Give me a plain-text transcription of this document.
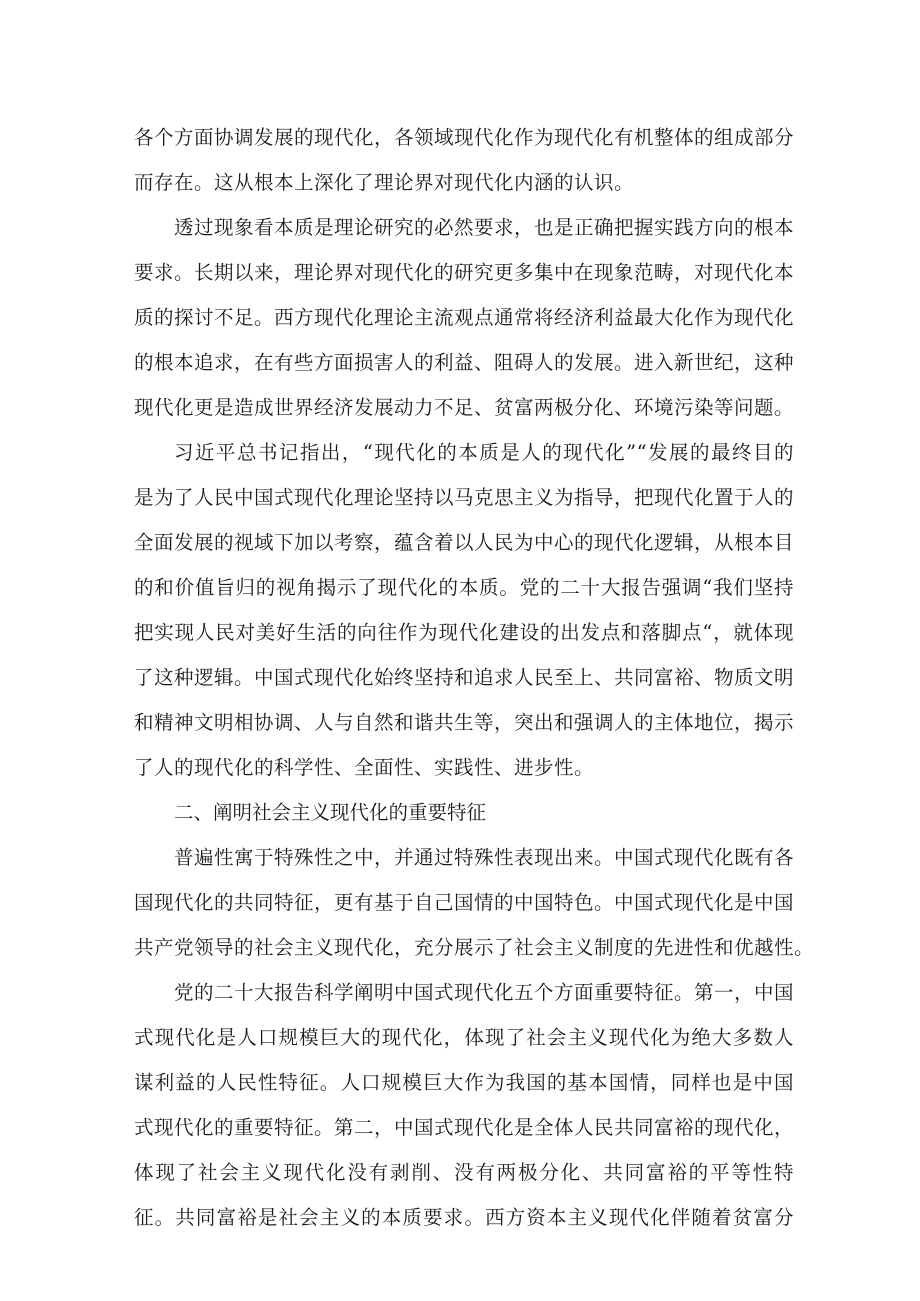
各个方面协调发展的现代化，各领域现代化作为现代化有机整体的组成部分
而存在。这从根本上深化了理论界对现代化内涵的认识。
透过现象看本质是理论研究的必然要求，也是正确把握实践方向的根本
要求。长期以来，理论界对现代化的研究更多集中在现象范畴，对现代化本
质的探讨不足。西方现代化理论主流观点通常将经济利益最大化作为现代化
的根本追求，在有些方面损害人的利益、阻碍人的发展。进入新世纪，这种
现代化更是造成世界经济发展动力不足、贫富两极分化、环境污染等问题。
习近平总书记指出，“现代化的本质是人的现代化”“发展的最终目的
是为了人民中国式现代化理论坚持以马克思主义为指导，把现代化置于人的
全面发展的视域下加以考察，蕴含着以人民为中心的现代化逻辑，从根本目
的和价值旨归的视角揭示了现代化的本质。党的二十大报告强调“我们坚持
把实现人民对美好生活的向往作为现代化建设的出发点和落脚点“，就体现
了这种逻辑。中国式现代化始终坚持和追求人民至上、共同富裕、物质文明
和精神文明相协调、人与自然和谐共生等，突出和强调人的主体地位，揭示
了人的现代化的科学性、全面性、实践性、进步性。
二、阐明社会主义现代化的重要特征
普遍性寓于特殊性之中，并通过特殊性表现出来。中国式现代化既有各
国现代化的共同特征，更有基于自己国情的中国特色。中国式现代化是中国
共产党领导的社会主义现代化，充分展示了社会主义制度的先进性和优越性。
党的二十大报告科学阐明中国式现代化五个方面重要特征。第一，中国
式现代化是人口规模巨大的现代化，体现了社会主义现代化为绝大多数人
谋利益的人民性特征。人口规模巨大作为我国的基本国情，同样也是中国
式现代化的重要特征。第二，中国式现代化是全体人民共同富裕的现代化，
体现了社会主义现代化没有剥削、没有两极分化、共同富裕的平等性特
征。共同富裕是社会主义的本质要求。西方资本主义现代化伴随着贫富分
